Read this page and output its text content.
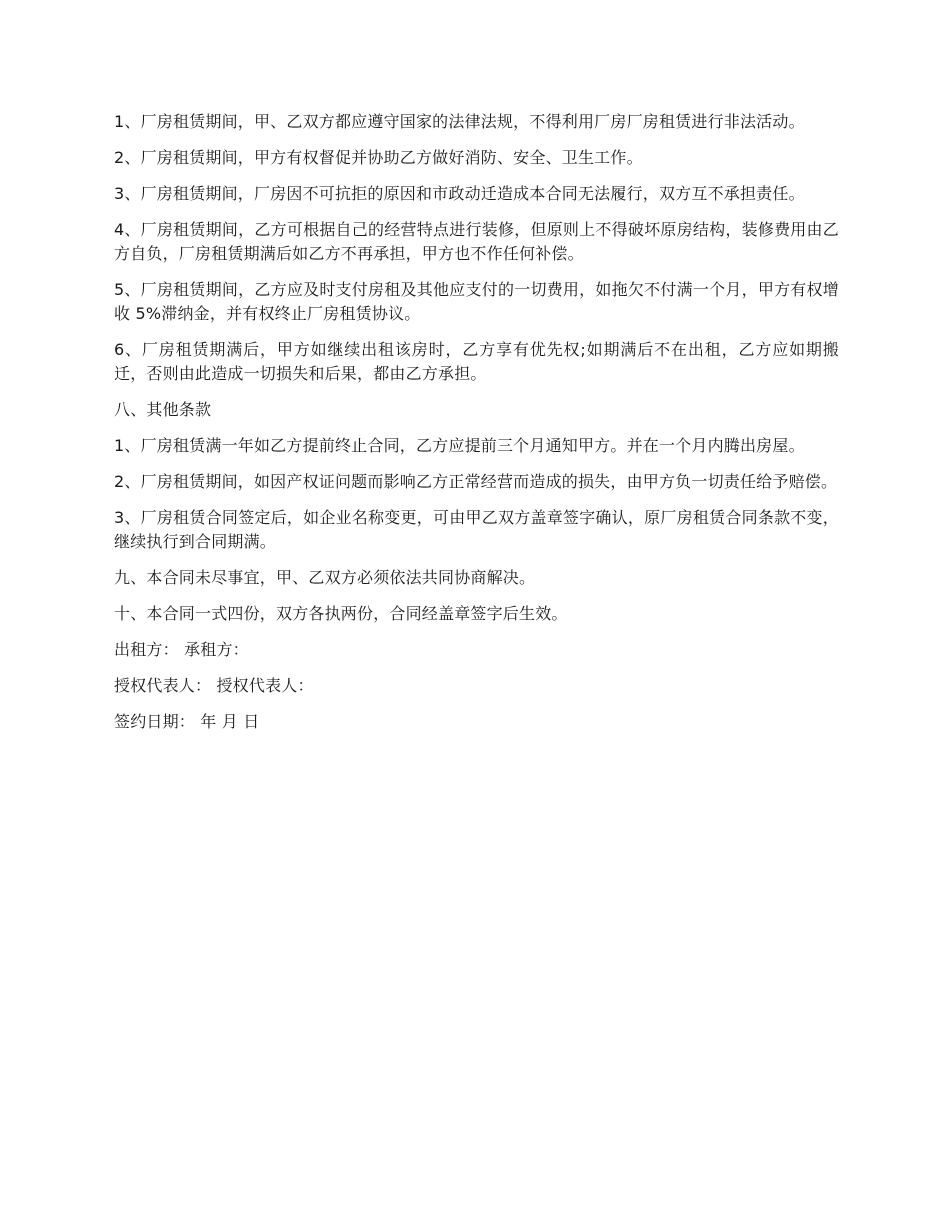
1、厂房租赁期间，甲、乙双方都应遵守国家的法律法规，不得利用厂房厂房租赁进行非法活动。

2、厂房租赁期间，甲方有权督促并协助乙方做好消防、安全、卫生工作。

3、厂房租赁期间，厂房因不可抗拒的原因和市政动迁造成本合同无法履行，双方互不承担责任。

4、厂房租赁期间，乙方可根据自己的经营特点进行装修，但原则上不得破坏原房结构，装修费用由乙方自负，厂房租赁期满后如乙方不再承担，甲方也不作任何补偿。

5、厂房租赁期间，乙方应及时支付房租及其他应支付的一切费用，如拖欠不付满一个月，甲方有权增收 5%滞纳金，并有权终止厂房租赁协议。

6、厂房租赁期满后，甲方如继续出租该房时，乙方享有优先权;如期满后不在出租，乙方应如期搬迁，否则由此造成一切损失和后果，都由乙方承担。

八、其他条款

1、厂房租赁满一年如乙方提前终止合同，乙方应提前三个月通知甲方。并在一个月内腾出房屋。

2、厂房租赁期间，如因产权证问题而影响乙方正常经营而造成的损失，由甲方负一切责任给予赔偿。

3、厂房租赁合同签定后，如企业名称变更，可由甲乙双方盖章签字确认，原厂房租赁合同条款不变，继续执行到合同期满。

九、本合同未尽事宜，甲、乙双方必须依法共同协商解决。

十、本合同一式四份，双方各执两份，合同经盖章签字后生效。

出租方： 承租方：

授权代表人： 授权代表人：

签约日期： 年 月 日
